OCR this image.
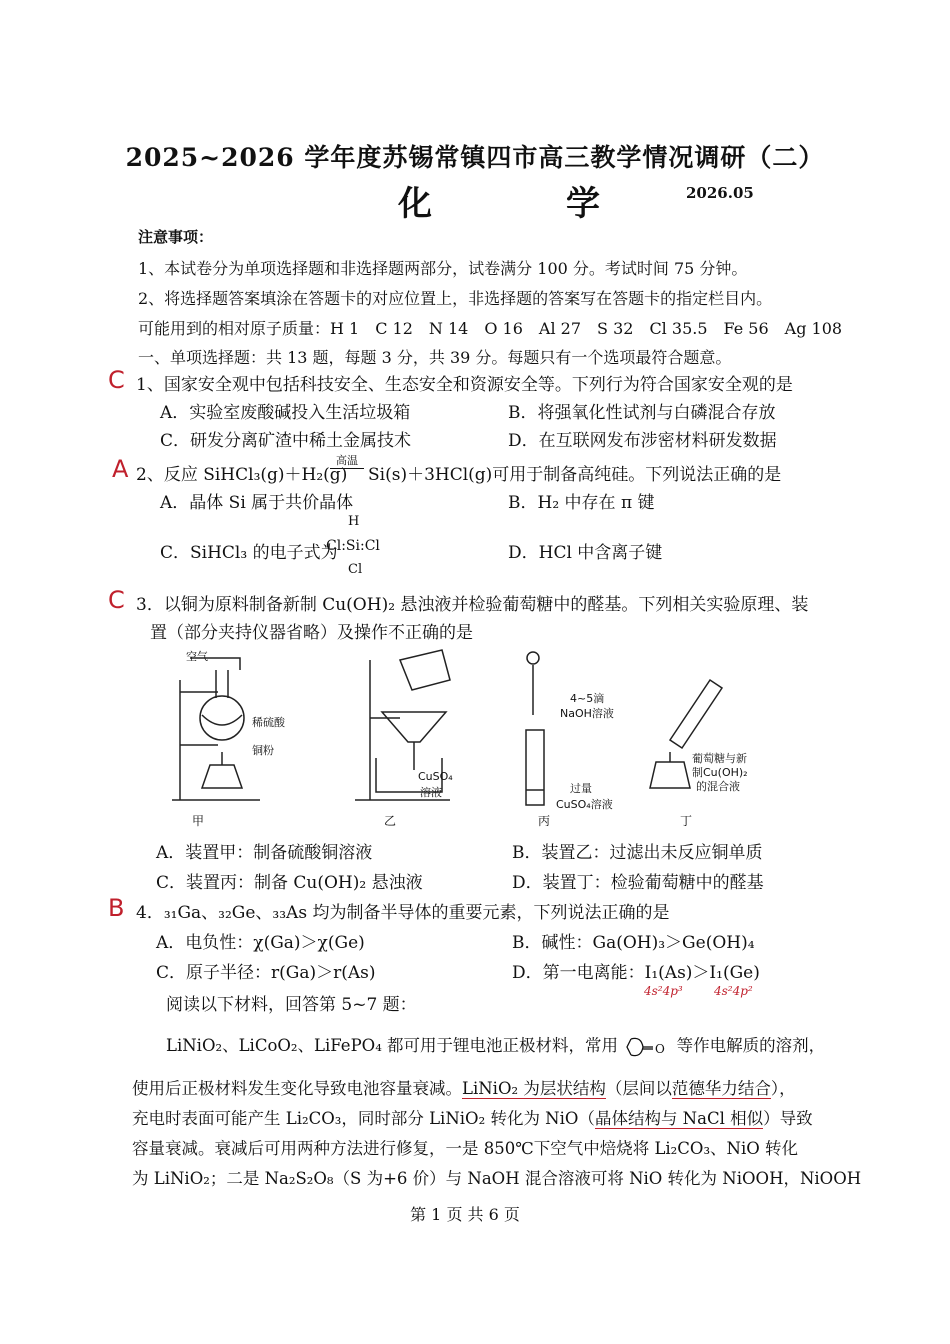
2025~2026 学年度苏锡常镇四市高三教学情况调研（二）
化　学 2026.05
注意事项：
1、本试卷分为单项选择题和非选择题两部分，试卷满分 100 分。考试时间 75 分钟。
2、将选择题答案填涂在答题卡的对应位置上，非选择题的答案写在答题卡的指定栏目内。
可能用到的相对原子质量：H 1　C 12　N 14　O 16　Al 27　S 32　Cl 35.5　Fe 56　Ag 108
一、单项选择题：共 13 题，每题 3 分，共 39 分。每题只有一个选项最符合题意。
C 1、国家安全观中包括科技安全、生态安全和资源安全等。下列行为符合国家安全观的是
A．实验室废酸碱投入生活垃圾箱	B．将强氧化性试剂与白磷混合存放
C．研发分离矿渣中稀土金属技术	D．在互联网发布涉密材料研发数据
A 2、反应 SiHCl₃(g)＋H₂(g)
高温
Si(s)＋3HCl(g)可用于制备高纯硅。下列说法正确的是
A．晶体 Si 属于共价晶体	B．H₂ 中存在 π 键
C．SiHCl₃ 的电子式为
H
Cl:Si:Cl
Cl
D．HCl 中含离子键
C 3．以铜为原料制备新制 Cu(OH)₂ 悬浊液并检验葡萄糖中的醛基。下列相关实验原理、装
置（部分夹持仪器省略）及操作不正确的是
空气
稀硫酸
铜粉
CuSO₄
溶液
4~5滴
NaOH溶液
过量
CuSO₄溶液
葡萄糖与新
制Cu(OH)₂
的混合液
甲	乙	丙	丁
A．装置甲：制备硫酸铜溶液	B．装置乙：过滤出未反应铜单质
C．装置丙：制备 Cu(OH)₂ 悬浊液	D．装置丁：检验葡萄糖中的醛基
B 4．₃₁Ga、₃₂Ge、₃₃As 均为制备半导体的重要元素，下列说法正确的是
A．电负性：χ(Ga)＞χ(Ge)	B．碱性：Ga(OH)₃＞Ge(OH)₄
C．原子半径：r(Ga)＞r(As)	D．第一电离能：I₁(As)＞I₁(Ge)
4s²4p³	4s²4p²
阅读以下材料，回答第 5~7 题：
LiNiO₂、LiCoO₂、LiFePO₄ 都可用于锂电池正极材料，常用	O 等作电解质的溶剂，
使用后正极材料发生变化导致电池容量衰减。LiNiO₂ 为层状结构（层间以范德华力结合），
充电时表面可能产生 Li₂CO₃，同时部分 LiNiO₂ 转化为 NiO（晶体结构与 NaCl 相似）导致
容量衰减。衰减后可用两种方法进行修复，一是 850℃下空气中焙烧将 Li₂CO₃、NiO 转化
为 LiNiO₂；二是 Na₂S₂O₈（S 为+6 价）与 NaOH 混合溶液可将 NiO 转化为 NiOOH，NiOOH
第 1 页 共 6 页
